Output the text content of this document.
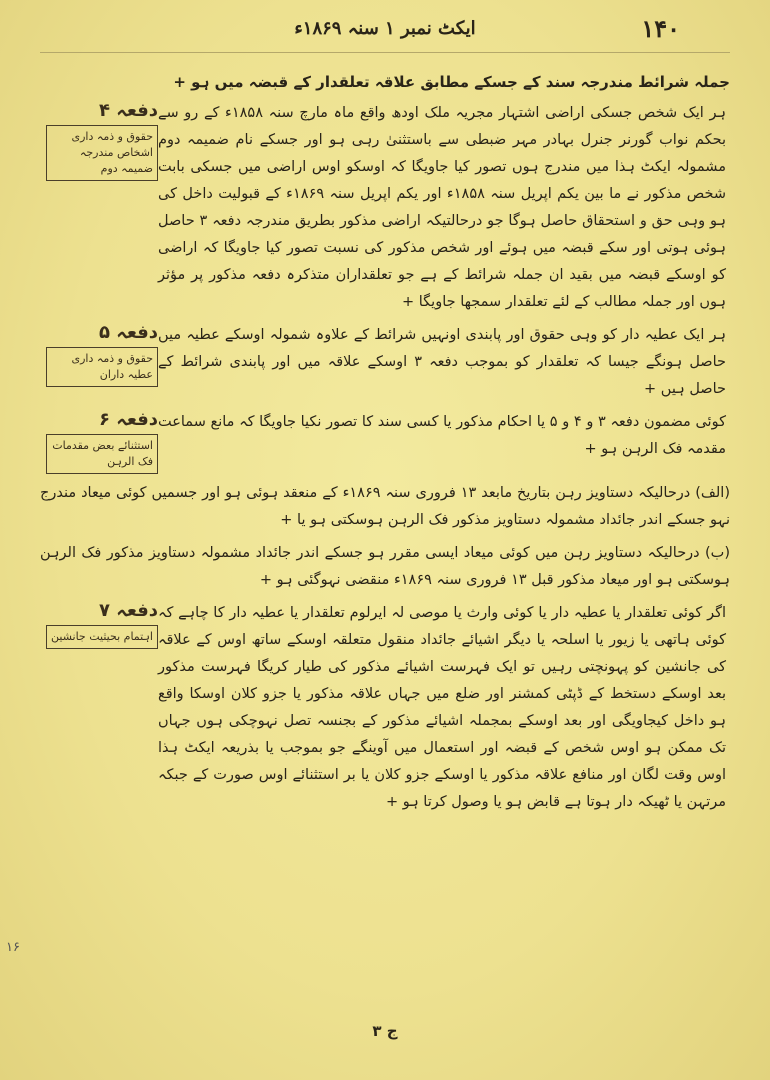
۱۴۰
ایکٹ نمبر ۱ سنہ ۱۸۶۹ء

جملہ شرائط مندرجہ سند کے جسکے مطابق علاقہ تعلقدار کے قبضہ میں ہو +

ہر ایک شخص جسکی اراضی اشتہار مجریہ ملک اودھ واقع ماہ مارچ سنہ ۱۸۵۸ء کے رو سے بحکم نواب گورنر جنرل بہادر مہر ضبطی سے باستثنیٰ رہی ہو اور جسکے نام ضمیمہ دوم مشمولہ ایکٹ ہذا میں مندرج ہوں تصور کیا جاویگا کہ اوسکو اوس اراضی میں جسکی بابت شخص مذکور نے ما بین یکم اپریل سنہ ۱۸۵۸ء اور یکم اپریل سنہ ۱۸۶۹ء کے قبولیت داخل کی ہو وہی حق و استحقاق حاصل ہوگا جو درحالتیکہ اراضی مذکور بطریق مندرجہ دفعہ ۳ حاصل ہوئی ہوتی اور سکے قبضہ میں ہوئے اور شخص مذکور کی نسبت تصور کیا جاویگا کہ اراضی کو اوسکے قبضہ میں بقید ان جملہ شرائط کے ہے جو تعلقداران متذکرہ دفعہ مذکور پر مؤثر ہوں اور جملہ مطالب کے لئے تعلقدار سمجھا جاویگا +
دفعہ ۴
حقوق و ذمہ داری اشخاص مندرجہ ضمیمہ دوم
ہر ایک عطیہ دار کو وہی حقوق اور پابندی اونہیں شرائط کے علاوہ شمولہ اوسکے عطیہ میں حاصل ہونگے جیسا کہ تعلقدار کو بموجب دفعہ ۳ اوسکے علاقہ میں اور پابندی شرائط کے حاصل ہیں +
دفعہ ۵
حقوق و ذمہ داری عطیہ داران
کوئی مضمون دفعہ ۳ و ۴ و ۵ یا احکام مذکور یا کسی سند کا تصور نکیا جاویگا کہ مانع سماعت مقدمہ فک الرہن ہو +
دفعہ ۶
استثنائے بعض مقدمات فک الرہن

(الف) درحالیکہ دستاویز رہن بتاریخ مابعد ۱۳ فروری سنہ ۱۸۶۹ء کے منعقد ہوئی ہو اور جسمیں کوئی میعاد مندرج نہو جسکے اندر جائداد مشمولہ دستاویز مذکور فک الرہن ہوسکتی ہو یا +

(ب) درحالیکہ دستاویز رہن میں کوئی میعاد ایسی مقرر ہو جسکے اندر جائداد مشمولہ دستاویز مذکور فک الرہن ہوسکتی ہو اور میعاد مذکور قبل ۱۳ فروری سنہ ۱۸۶۹ء منقضی نہوگئی ہو +

اگر کوئی تعلقدار یا عطیہ دار یا کوئی وارث یا موصی لہ ایرلوم تعلقدار یا عطیہ دار کا چاہے کہ کوئی ہاتھی یا زیور یا اسلحہ یا دیگر اشیائے جائداد منقول متعلقہ اوسکے ساتھ اوس کے علاقہ کی جانشین کو پہونچتی رہیں تو ایک فہرست اشیائے مذکور کی طیار کریگا فہرست مذکور بعد اوسکے دستخط کے ڈپٹی کمشنر اور ضلع میں جہاں علاقہ مذکور یا جزو کلان اوسکا واقع ہو داخل کیجاویگی اور بعد اوسکے بمجملہ اشیائے مذکور کے بجنسہ تصل نہوچکی ہوں جہاں تک ممکن ہو اوس شخص کے قبضہ اور استعمال میں آوینگے جو بموجب یا بذریعہ ایکٹ ہذا اوس وقت لگان اور منافع علاقہ مذکور یا اوسکے جزو کلان یا بر استثنائے اوس صورت کے جبکہ مرتہن یا ٹھیکہ دار ہوتا ہے قابض ہو یا وصول کرتا ہو +
دفعہ ۷
اہتمام بحیثیت جانشین
۱۶
۳ ج
